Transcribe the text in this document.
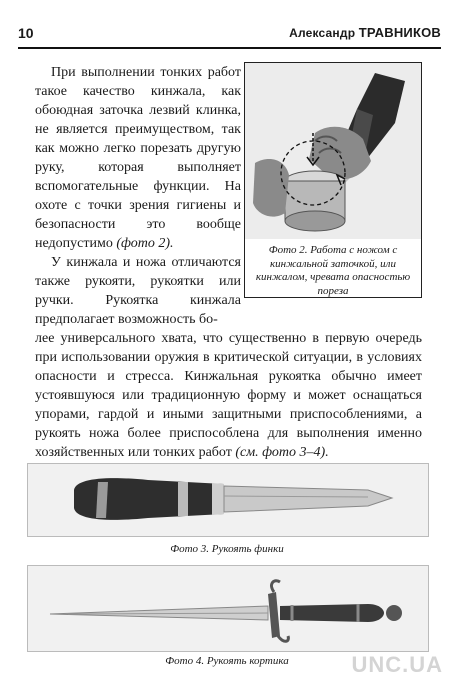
10	Александр ТРАВНИКОВ
При выполнении тонких работ такое качество кинжала, как обоюдная заточка лезвий клинка, не является преимуществом, так как можно легко порезать другую руку, которая выполняет вспомогательные функции. На охоте с точки зрения гигиены и безопасности это вообще недопустимо (фото 2).
У кинжала и ножа отличаются также рукояти, рукоятки или ручки. Рукоятка кинжала предполагает возможность бо-
лее универсального хвата, что существенно в первую очередь при использовании оружия в критической ситуации, в условиях опасности и стресса. Кинжальная рукоятка обычно имеет устоявшуюся или традиционную форму и может оснащаться упорами, гардой и иными защитными приспособлениями, а рукоять ножа более приспособлена для выполнения именно хозяйственных или тонких работ (см. фото 3–4).
Фото 2. Работа с ножом с кинжальной заточкой, или кинжалом, чревата опасностью пореза
Фото 3. Рукоять финки
Фото 4. Рукоять кортика	UNC.UA
